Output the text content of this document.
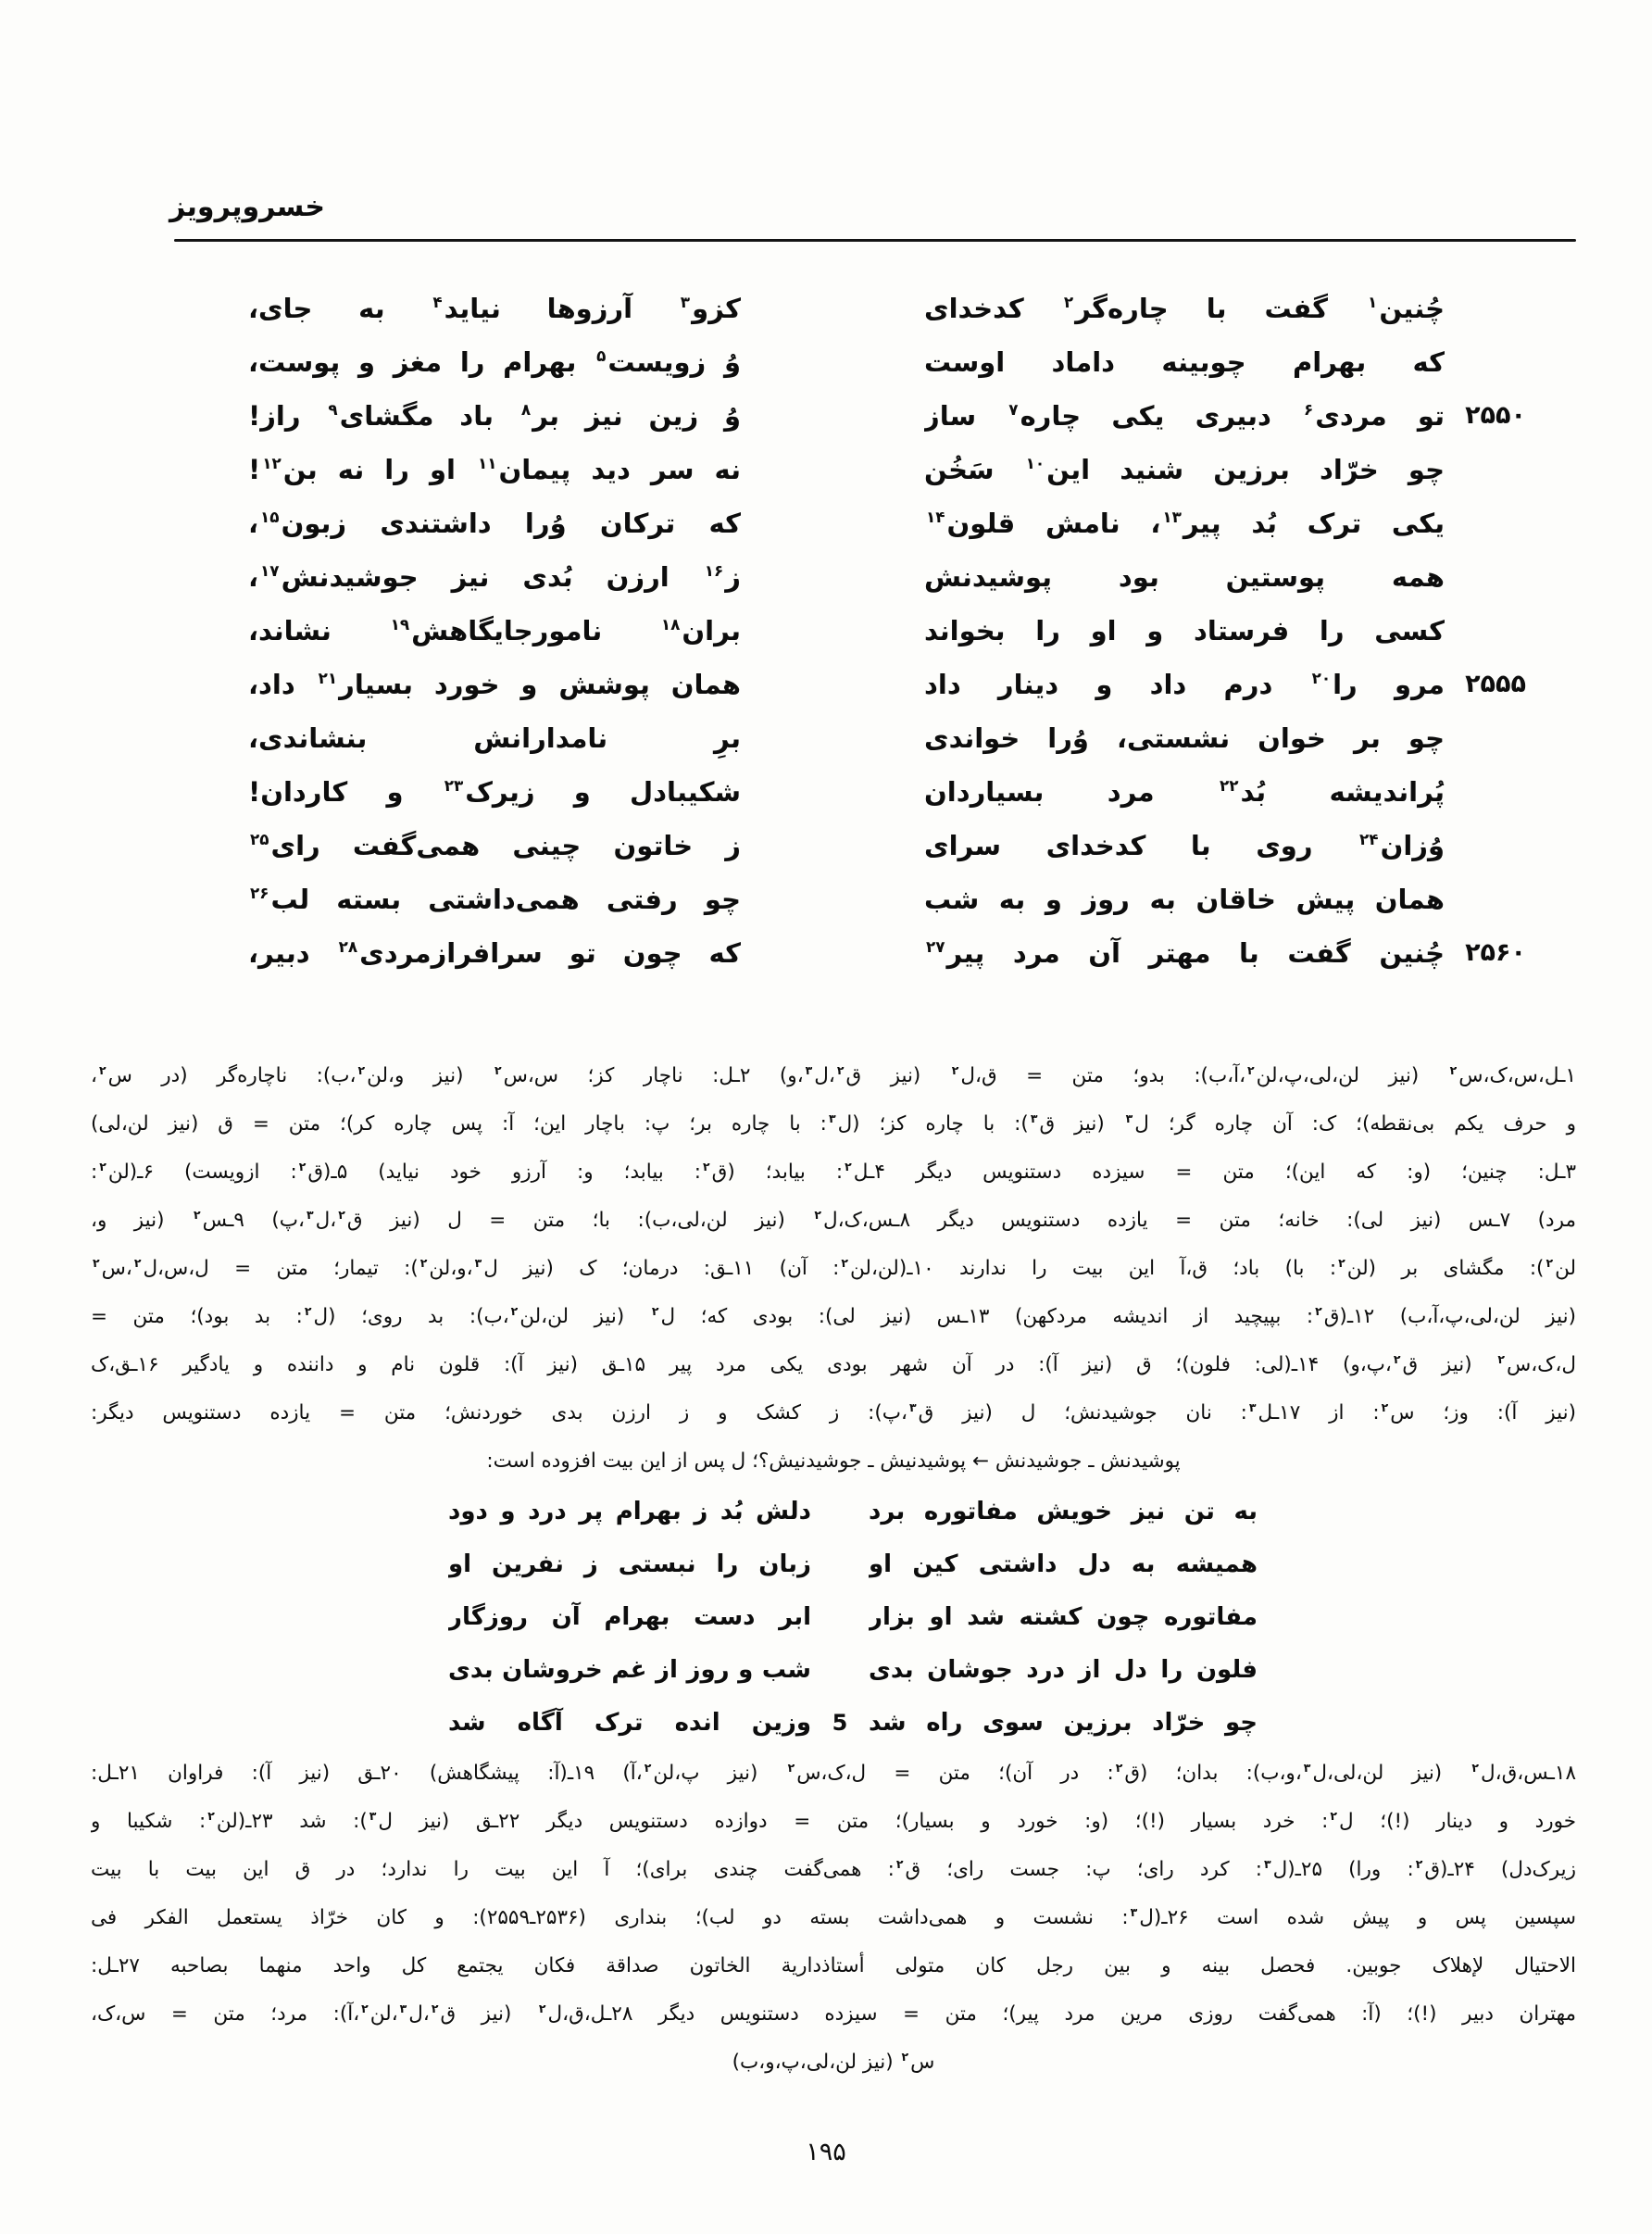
خسروپرویز
چُنین$^۱$ گفت با چاره‌گر$^۲$ کدخدای
کزو$^۳$ آرزوها نیاید$^۴$ به جای،
که بهرام چوبینه داماد اوست
وُ زویست$^۵$ بهرام را مغز و پوست،
۲۵۵۰
تو مردی$^۶$ دبیری یکی چاره$^۷$ ساز
وُ زین نیز بر$^۸$ باد مگشای$^۹$ راز!
چو خرّاد برزین شنید این$^{۱۰}$ سَخُن
نه سر دید پیمان$^{۱۱}$ او را نه بن$^{۱۲}$!
یکی ترک بُد پیر$^{۱۳}$، نامش قلون$^{۱۴}$
که ترکان وُرا داشتندی زبون$^{۱۵}$،
همه پوستین بود پوشیدنش
ز$^{۱۶}$ ارزن بُدی نیز جوشیدنش$^{۱۷}$،
کسی را فرستاد و او را بخواند
بران$^{۱۸}$ نامورجایگاهش$^{۱۹}$ نشاند،
۲۵۵۵
مرو را$^{۲۰}$ درم داد و دینار داد
همان پوشش و خورد بسیار$^{۲۱}$ داد،
چو بر خوان نشستی، وُرا خواندی
برِ نامدارانش بنشاندی،
پُراندیشه بُد$^{۲۲}$ مرد بسیاردان
شکیبادل و زیرک$^{۲۳}$ و کاردان!
وُزان$^{۲۴}$ روی با کدخدای سرای
ز خاتون چینی همی‌گفت رای$^{۲۵}$
همان پیش خاقان به روز و به شب
چو رفتی همی‌داشتی بسته لب$^{۲۶}$
۲۵۶۰
چُنین گفت با مهتر آن مرد پیر$^{۲۷}$
که چون تو سرافرازمردی$^{۲۸}$ دبیر،
۱ـل،س،ک،س$^۲$ (نیز لن،لی،پ،لن$^۲$،آ،ب): بدو؛ متن = ق،ل$^۲$ (نیز ق$^۲$،ل$^۳$،و) ۲ـل: ناچار کز؛ س،س$^۲$ (نیز و،لن$^۲$،ب): ناچاره‌گر (در س$^۲$،
و حرف یکم بی‌نقطه)؛ ک: آن چاره گر؛ ل$^۳$ (نیز ق$^۳$): با چاره کز؛ (ل$^۳$: با چاره بر؛ پ: باچار این؛ آ: پس چاره کر)؛ متن = ق (نیز لن،لی)
۳ـل: چنین؛ (و: که این)؛ متن = سیزده دستنویس دیگر ۴ـل$^۲$: بیابد؛ (ق$^۲$: بیابد؛ و: آرزو خود نیاید) ۵ـ(ق$^۲$: ازویست) ۶ـ(لن$^۲$:
مرد) ۷ـس (نیز لی): خانه؛ متن = یازده دستنویس دیگر ۸ـس،ک،ل$^۲$ (نیز لن،لی،ب): با؛ متن = ل (نیز ق$^۲$،ل$^۳$،پ) ۹ـس$^۲$ (نیز و،
لن$^۲$): مگشای بر (لن$^۲$: با) باد؛ ق،آ این بیت را ندارند ۱۰ـ(لن،لن$^۲$: آن) ۱۱ـق: درمان؛ ک (نیز ل$^۳$،و،لن$^۲$): تیمار؛ متن = ل،س،ل$^۲$،س$^۲$
(نیز لن،لی،پ،آ،ب) ۱۲ـ(ق$^۲$: بپیچید از اندیشه مردکهن) ۱۳ـس (نیز لی): بودی که؛ ل$^۲$ (نیز لن،لن$^۲$،ب): بد روی؛ (ل$^۲$: بد بود)؛ متن =
ل،ک،س$^۲$ (نیز ق$^۲$،پ،و) ۱۴ـ(لی: فلون)؛ ق (نیز آ): در آن شهر بودی یکی مرد پیر ۱۵ـق (نیز آ): قلون نام و داننده و یادگیر ۱۶ـق،ک
(نیز آ): وز؛ س$^۲$: از ۱۷ـل$^۳$: نان جوشیدنش؛ ل (نیز ق$^۳$،پ): ز کشک و ز ارزن بدی خوردنش؛ متن = یازده دستنویس دیگر:
پوشیدنش ـ جوشیدنش ← پوشیدنیش ـ جوشیدنیش؟؛ ل پس از این بیت افزوده است:
به تن نیز خویش مفاتوره برد
دلش بُد ز بهرام پر درد و دود
همیشه به دل داشتی کین او
زبان را نبستی ز نفرین او
مفاتوره چون کشته شد او بزار
ابر دست بهرام آن روزگار
فلون را دل از درد جوشان بدی
شب و روز از غم خروشان بدی
چو خرّاد برزین سوی راه شد
5
وزین انده ترک آگاه شد
۱۸ـس،ق،ل$^۲$ (نیز لن،لی،ل$^۳$،و،ب): بدان؛ (ق$^۲$: در آن)؛ متن = ل،ک،س$^۲$ (نیز پ،لن$^۲$،آ) ۱۹ـ(آ: پیشگاهش) ۲۰ـق (نیز آ): فراوان ۲۱ـل:
خورد و دینار (!)؛ ل$^۲$: خرد بسیار (!)؛ (و: خورد و بسیار)؛ متن = دوازده دستنویس دیگر ۲۲ـق (نیز ل$^۳$): شد ۲۳ـ(لن$^۲$: شکیبا و
زیرک‌دل) ۲۴ـ(ق$^۲$: ورا) ۲۵ـ(ل$^۳$: کرد رای؛ پ: جست رای؛ ق$^۲$: همی‌گفت چندی برای)؛ آ این بیت را ندارد؛ در ق این بیت با بیت
سپسین پس و پیش شده است ۲۶ـ(ل$^۳$: نشست و همی‌داشت بسته دو لب)؛ بنداری (۲۵۳۶ـ۲۵۵۹): و کان خرّاذ یستعمل الفکر فی
الاحتیال لإهلاک جوبین. فحصل بینه و بین رجل کان متولی أستاذداریة الخاتون صداقة فکان یجتمع کل واحد منهما بصاحبه ۲۷ـل:
مهتران دبیر (!)؛ (آ: همی‌گفت روزی مرین مرد پیر)؛ متن = سیزده دستنویس دیگر ۲۸ـل،ق،ل$^۲$ (نیز ق$^۲$،ل$^۳$،لن$^۲$،آ): مرد؛ متن = س،ک،
س$^۲$ (نیز لن،لی،پ،و،ب)
۱۹۵
